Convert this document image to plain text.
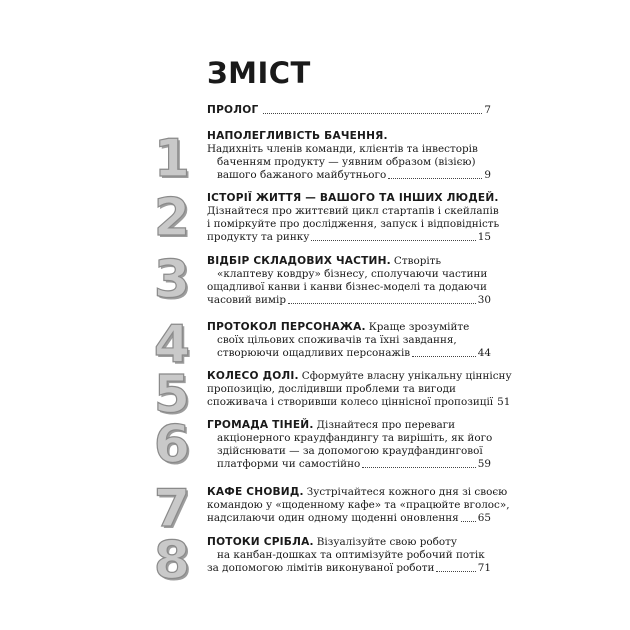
ЗМІСТ
ПРОЛОГ	7
1	НАПОЛЕГЛИВІСТЬ БАЧЕННЯ.
Надихніть членів команди, клієнтів та інвесторів
баченням продукту — уявним образом (візією)
вашого бажаного майбутнього	9
2	ІСТОРІЇ ЖИТТЯ — ВАШОГО ТА ІНШИХ ЛЮДЕЙ.
Дізнайтеся про життєвий цикл стартапів і скейлапів
і поміркуйте про дослідження, запуск і відповідність
продукту та ринку	15
3	ВІДБІР СКЛАДОВИХ ЧАСТИН. Створіть
«клаптеву ковдру» бізнесу, сполучаючи частини
ощадливої канви і канви бізнес-моделі та додаючи
часовий вимір	30
4	ПРОТОКОЛ ПЕРСОНАЖА. Краще зрозумійте
своїх цільових споживачів та їхні завдання,
створюючи ощадливих персонажів	44
5	КОЛЕСО ДОЛІ. Сформуйте власну унікальну ціннісну
пропозицію, дослідивши проблеми та вигоди
споживача і створивши колесо ціннісної пропозиції 51
6	ГРОМАДА ТІНЕЙ. Дізнайтеся про переваги
акціонерного краудфандингу та вирішіть, як його
здійснювати — за допомогою краудфандингової
платформи чи самостійно	59
7	КАФЕ СНОВИД. Зустрічайтеся кожного дня зі своєю
командою у «щоденному кафе» та «працюйте вголос»,
надсилаючи один одному щоденні оновлення 65
8	ПОТОКИ СРІБЛА. Візуалізуйте свою роботу
на канбан-дошках та оптимізуйте робочий потік
за допомогою лімітів виконуваної роботи	71
